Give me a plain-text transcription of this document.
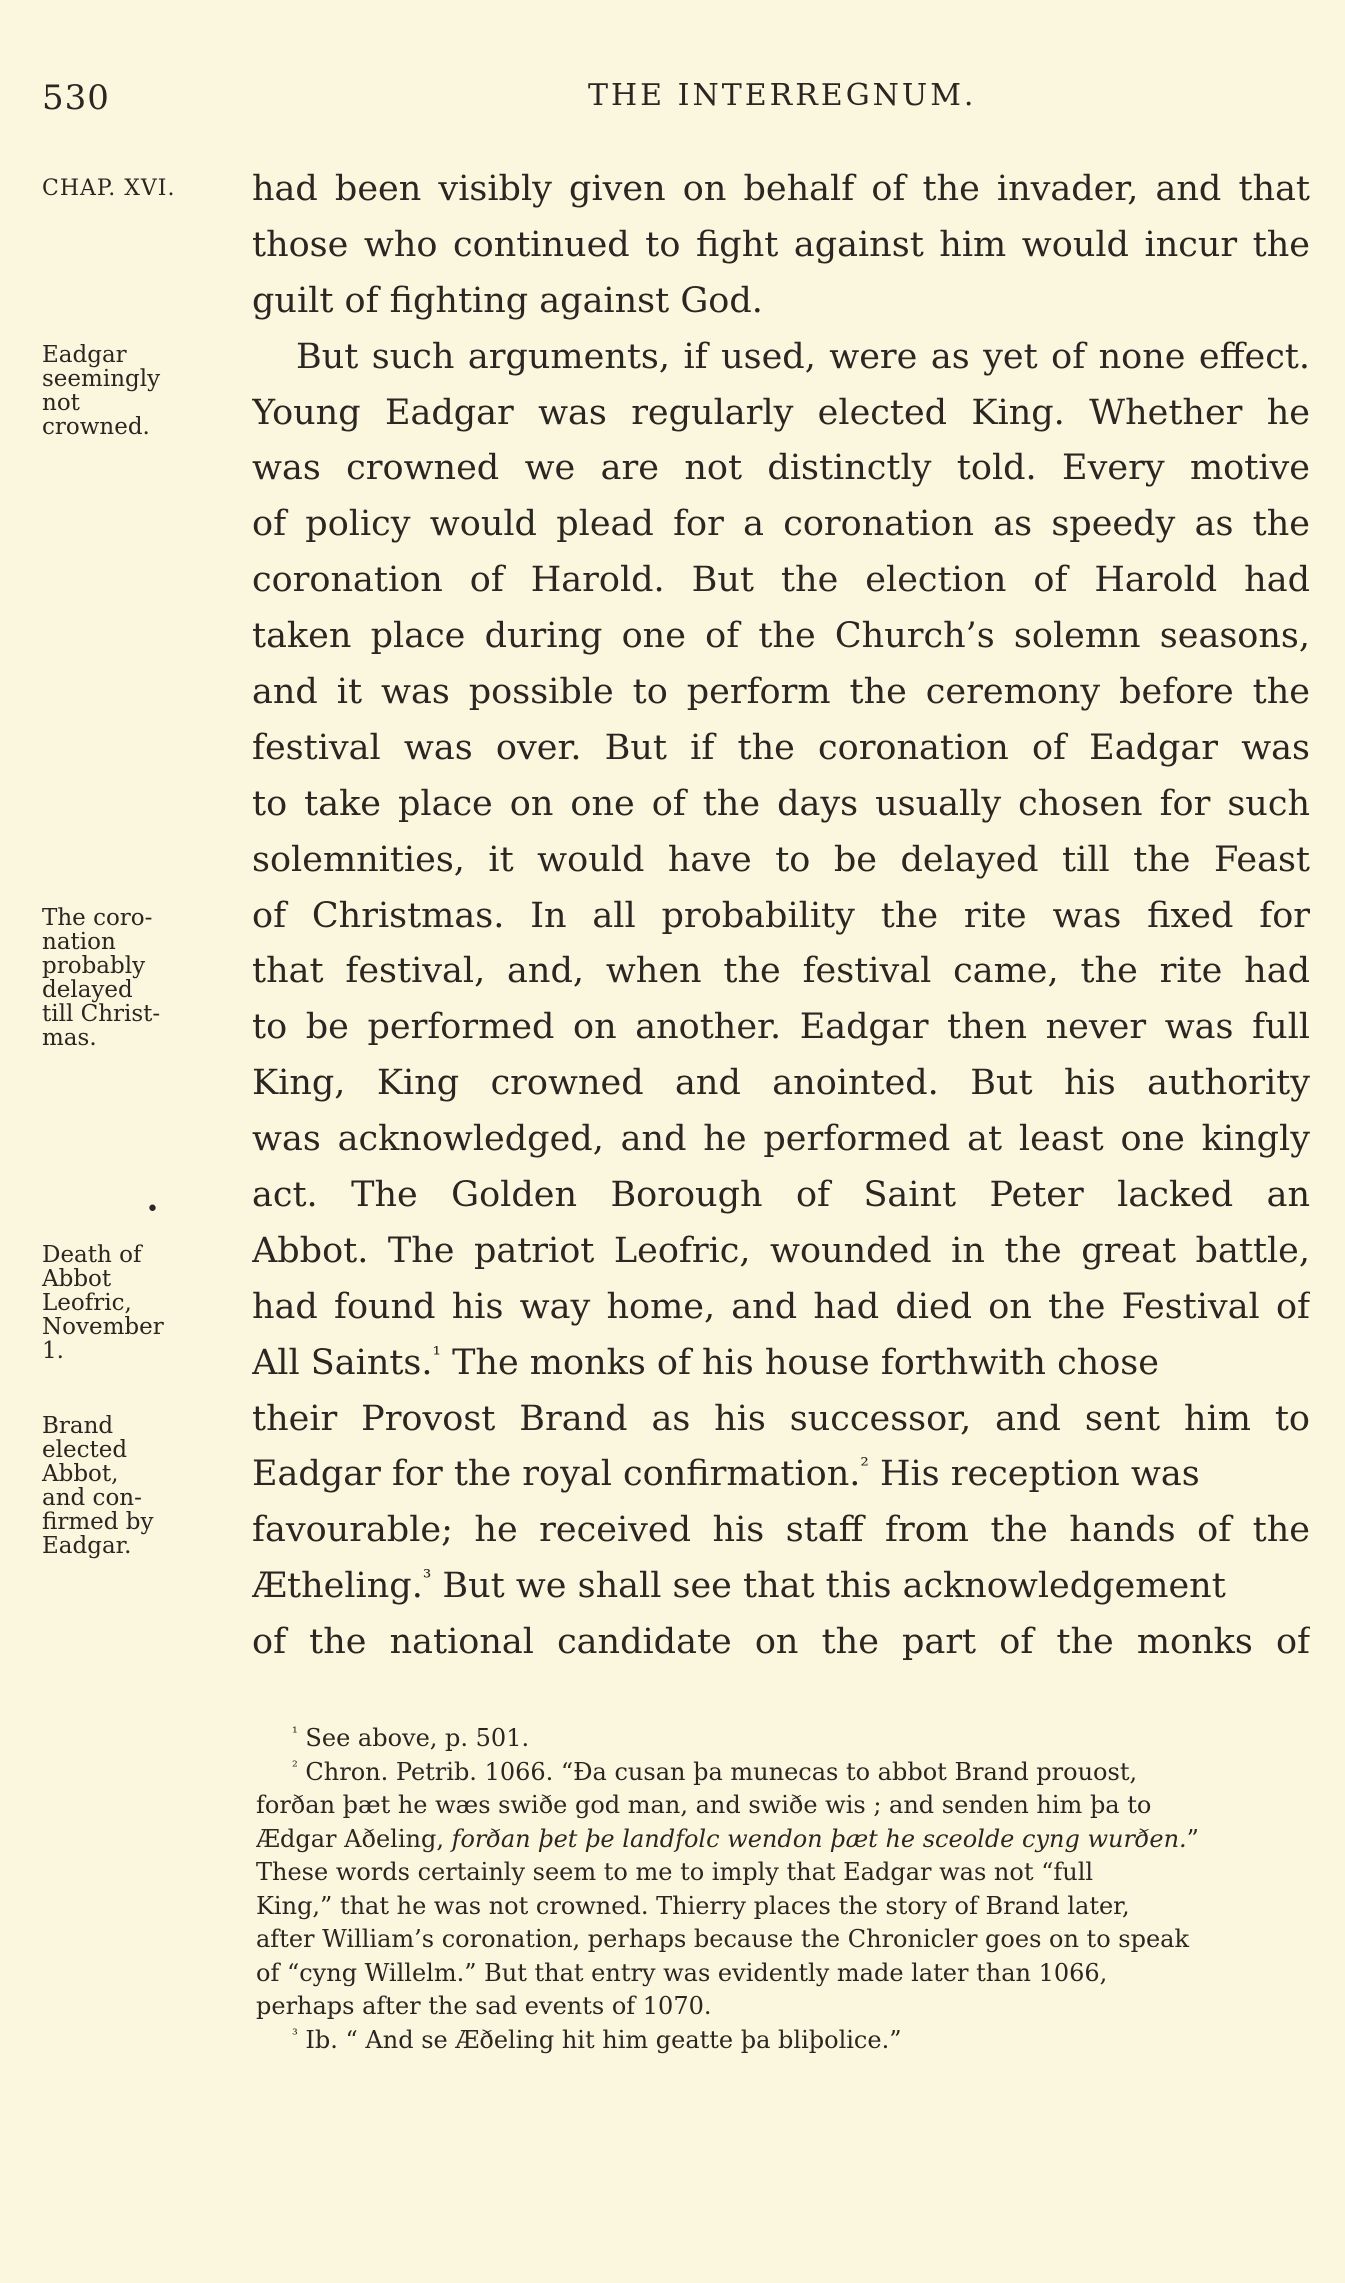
530	THE INTERREGNUM.
CHAP. XVI. had been visibly given on behalf of the invader, and that
those who continued to fight against him would incur the
guilt of fighting against God.
But such arguments, if used, were as yet of none effect.
Young Eadgar was regularly elected King. Whether he
was crowned we are not distinctly told. Every motive
of policy would plead for a coronation as speedy as the
coronation of Harold. But the election of Harold had
taken place during one of the Church’s solemn seasons,
and it was possible to perform the ceremony before the
festival was over. But if the coronation of Eadgar was
to take place on one of the days usually chosen for such
solemnities, it would have to be delayed till the Feast
of Christmas. In all probability the rite was fixed for
that festival, and, when the festival came, the rite had
to be performed on another. Eadgar then never was full
King, King crowned and anointed. But his authority
was acknowledged, and he performed at least one kingly
act. The Golden Borough of Saint Peter lacked an
Abbot. The patriot Leofric, wounded in the great battle,
had found his way home, and had died on the Festival of
All Saints.$^{^1}$ The monks of his house forthwith chose
their Provost Brand as his successor, and sent him to
Eadgar for the royal confirmation.$^{^2}$ His reception was
favourable; he received his staff from the hands of the
Ætheling.$^{^3}$ But we shall see that this acknowledgement
of the national candidate on the part of the monks of
Eadgar
seemingly
not
crowned.
The coro-
nation
probably
delayed
till Christ-
mas.
•
Death of
Abbot
Leofric,
November
1.
Brand
elected
Abbot,
and con-
firmed by
Eadgar.
$^{^1}$ See above, p. 501.
$^{^2}$ Chron. Petrib. 1066. “Ða cusan þa munecas to abbot Brand prouost,
forðan þæt he wæs swiðe god man, and swiðe wis ; and senden him þa to
Ædgar Aðeling, forðan þet þe landfolc wendon þæt he sceolde cyng wurðen.”
These words certainly seem to me to imply that Eadgar was not “full
King,” that he was not crowned. Thierry places the story of Brand later,
after William’s coronation, perhaps because the Chronicler goes on to speak
of “cyng Willelm.” But that entry was evidently made later than 1066,
perhaps after the sad events of 1070.
$^{^3}$ Ib. “ And se Æðeling hit him geatte þa bliþolice.”
